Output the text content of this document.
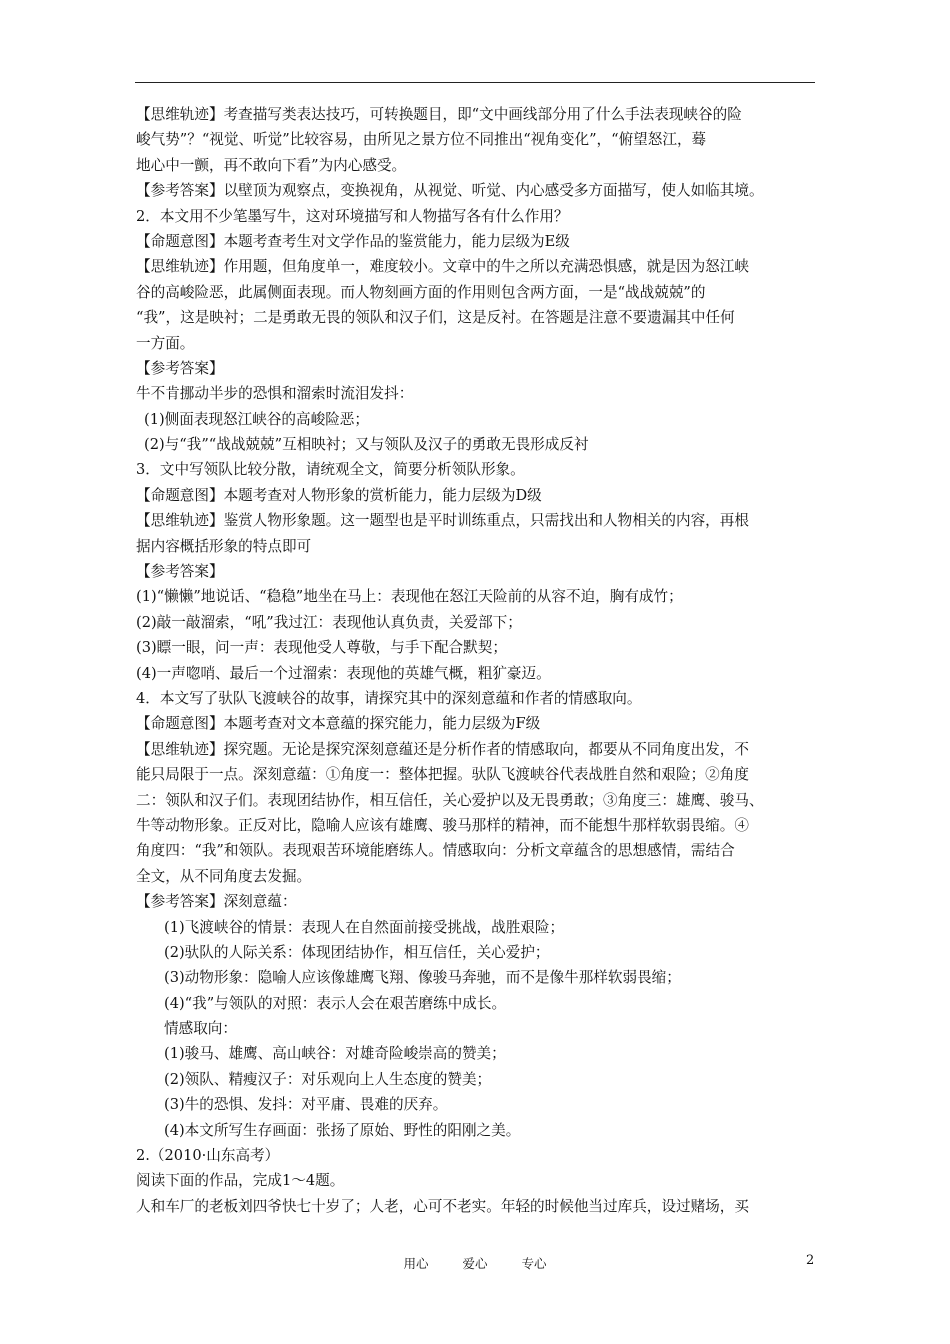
【思维轨迹】考查描写类表达技巧，可转换题目，即“文中画线部分用了什么手法表现峡谷的险
峻气势”？“视觉、听觉”比较容易，由所见之景方位不同推出“视角变化”，“俯望怒江，蓦
地心中一颤，再不敢向下看”为内心感受。
【参考答案】以壁顶为观察点，变换视角，从视觉、听觉、内心感受多方面描写，使人如临其境。
2．本文用不少笔墨写牛，这对环境描写和人物描写各有什么作用？
【命题意图】本题考查考生对文学作品的鉴赏能力，能力层级为E级
【思维轨迹】作用题，但角度单一，难度较小。文章中的牛之所以充满恐惧感，就是因为怒江峡
谷的高峻险恶，此属侧面表现。而人物刻画方面的作用则包含两方面，一是“战战兢兢”的
“我”，这是映衬；二是勇敢无畏的领队和汉子们，这是反衬。在答题是注意不要遗漏其中任何
一方面。
【参考答案】
牛不肯挪动半步的恐惧和溜索时流泪发抖：
(1)侧面表现怒江峡谷的高峻险恶；
(2)与“我”“战战兢兢”互相映衬；又与领队及汉子的勇敢无畏形成反衬
3．文中写领队比较分散，请统观全文，简要分析领队形象。
【命题意图】本题考查对人物形象的赏析能力，能力层级为D级
【思维轨迹】鉴赏人物形象题。这一题型也是平时训练重点，只需找出和人物相关的内容，再根
据内容概括形象的特点即可
【参考答案】
(1)“懒懒”地说话、“稳稳”地坐在马上：表现他在怒江天险前的从容不迫，胸有成竹；
(2)敲一敲溜索，“吼”我过江：表现他认真负责，关爱部下；
(3)瞟一眼，问一声：表现他受人尊敬，与手下配合默契；
(4)一声唿哨、最后一个过溜索：表现他的英雄气概，粗犷豪迈。
4．本文写了驮队飞渡峡谷的故事，请探究其中的深刻意蕴和作者的情感取向。
【命题意图】本题考查对文本意蕴的探究能力，能力层级为F级
【思维轨迹】探究题。无论是探究深刻意蕴还是分析作者的情感取向，都要从不同角度出发，不
能只局限于一点。深刻意蕴：①角度一：整体把握。驮队飞渡峡谷代表战胜自然和艰险；②角度
二：领队和汉子们。表现团结协作，相互信任，关心爱护以及无畏勇敢；③角度三：雄鹰、骏马、
牛等动物形象。正反对比，隐喻人应该有雄鹰、骏马那样的精神，而不能想牛那样软弱畏缩。④
角度四：“我”和领队。表现艰苦环境能磨练人。情感取向：分析文章蕴含的思想感情，需结合
全文，从不同角度去发掘。
【参考答案】深刻意蕴：
(1)飞渡峡谷的情景：表现人在自然面前接受挑战，战胜艰险；
(2)驮队的人际关系：体现团结协作，相互信任，关心爱护；
(3)动物形象：隐喻人应该像雄鹰飞翔、像骏马奔驰，而不是像牛那样软弱畏缩；
(4)“我”与领队的对照：表示人会在艰苦磨练中成长。
情感取向：
(1)骏马、雄鹰、高山峡谷：对雄奇险峻崇高的赞美；
(2)领队、精瘦汉子：对乐观向上人生态度的赞美；
(3)牛的恐惧、发抖：对平庸、畏难的厌弃。
(4)本文所写生存画面：张扬了原始、野性的阳刚之美。
2.（2010·山东高考）
阅读下面的作品，完成1～4题。
人和车厂的老板刘四爷快七十岁了；人老，心可不老实。年轻的时候他当过库兵，设过赌场，买
用心	爱心	专心	2
